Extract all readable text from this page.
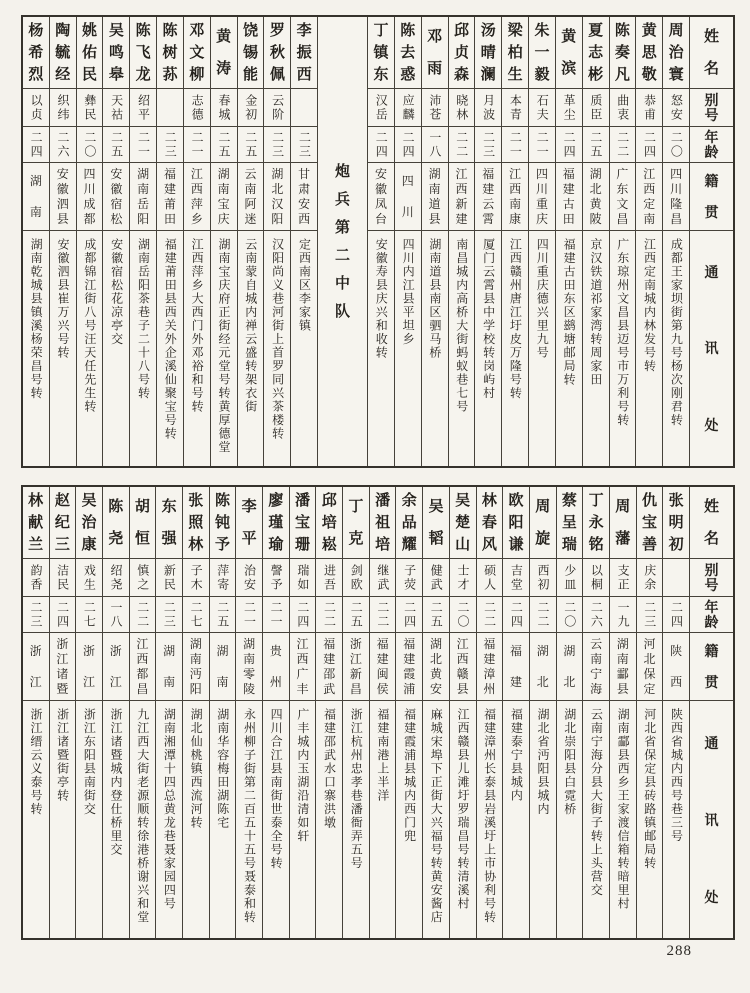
姓
名
别
号
年
龄
籍
贯
通
讯
处
周
治
寰
怒安
二〇
四
川
隆
昌
成都王家坝街第九号杨次刚君转
黄
思
敬
恭甫
二四
江
西
定
南
江西定南城内林发号转
陈
奏
凡
曲衷
二二
广
东
文
昌
广东琼州文昌县迈号市万利号转
夏
志
彬
质臣
二五
湖
北
黄
陂
京汉铁道祁家湾转周家田
黄
滨
革尘
二四
福
建
古
田
福建古田东区鹚塘邮局转
朱
一
毅
石夫
二一
四
川
重
庆
四川重庆德兴里九号
梁
柏
生
本青
二一
江
西
南
康
江西赣州唐江圩皮万隆号转
汤
晴
澜
月波
二三
福
建
云
霄
厦门云霄县中学校转岗屿村
邱
贞
森
晓林
二二
江
西
新
建
南昌城内高桥大街蚂蚁巷七号
邓
雨
沛苍
一八
湖
南
道
县
湖南道县南区驷马桥
陈
去
惑
应麟
二四
四
川
四川内江县平坦乡
丁
镇
东
汉岳
二四
安
徽
凤
台
安徽寿县庆兴和收转
炮
兵
第
二
中
队
李
振
西
二三
甘
肃
安
西
定西南区李家镇
罗
秋
佩
云阶
二三
湖
北
汉
阳
汉阳尚义巷河街上首罗同兴茶楼转
饶
锡
能
金初
二五
云
南
阿
迷
云南蒙自城内禅云盛转架衣街
黄
涛
春城
二五
湖
南
宝
庆
湖南宝庆府正街经元堂号转黄厚德堂
邓
文
柳
志德
二一
江
西
萍
乡
江西萍乡大西门外邓裕和号转
陈
树
荪
二三
福
建
莆
田
福建莆田县西关外企溪仙聚宝号转
陈
飞
龙
绍平
二一
湖
南
岳
阳
湖南岳阳茶巷子二十八号转
吴
鸣
皋
天祜
二五
安
徽
宿
松
安徽宿松花凉亭交
姚
佑
民
彝民
二〇
四
川
成
都
成都锦江街八号汪天任先生转
陶
毓
经
织纬
二六
安
徽
泗
县
安徽泗县崔万兴号转
杨
希
烈
以贞
二四
湖
南
湖南乾城县镇溪杨荣昌号转
姓
名
别
号
年
龄
籍
贯
通
讯
处
张
明
初
二四
陕
西
陕西省城内西号巷三号
仇
宝
善
庆余
二三
河
北
保
定
河北省保定县砖路镇邮局转
周
藩
支正
一九
湖
南
酃
县
湖南酃县西乡王家渡信箱转暗里村
丁
永
铭
以桐
二六
云
南
宁
海
云南宁海分县大街子转上头营交
蔡
呈
瑞
少皿
二〇
湖
北
湖北崇阳县白霓桥
周
旋
西初
二二
湖
北
湖北省沔阳县城内
欧
阳
谦
吉堂
二四
福
建
福建泰宁县城内
林
春
风
硕人
二二
福
建
漳
州
福建漳州长泰县岩溪圩上市协利号转
吴
楚
山
士才
二〇
江
西
赣
县
江西赣县儿滩圩罗瑞昌号转清溪村
吴
韬
健武
二五
湖
北
黄
安
麻城宋埠下正街大兴福号转黄安酱店
余
品
耀
子荧
二四
福
建
霞
浦
福建霞浦县城内西门兜
潘
祖
培
继武
二二
福
建
闽
侯
福建南港上半洋
丁
克
剑欧
二五
浙
江
新
昌
浙江杭州忠孝巷潘衙弄五号
邱
培
崧
进吾
二二
福
建
邵
武
福建邵武水口寨洪墩
潘
宝
珊
瑞如
二四
江
西
广
丰
广丰城内玉湖沿清如轩
廖
瑾
瑜
謦予
二一
贵
州
四川合江县南街世泰全号转
李
平
治安
二一
湖
南
零
陵
永州柳子街第二百五十五号聂泰和转
陈
钝
予
萍寄
二五
湖
南
湖南华容梅田湖陈宅
张
照
林
子木
二七
湖
南
沔
阳
湖北仙桃镇西流河转
东
强
新民
二三
湖
南
湖南湘潭十四总黄龙巷聂家园四号
胡
恒
慎之
二二
江
西
都
昌
九江西大街老源顺转徐港桥谢兴和堂
陈
尧
绍尧
一八
浙
江
浙江诸暨城内登仕桥里交
吴
治
康
戏生
二七
浙
江
浙江东阳县南街交
赵
纪
三
洁民
二四
浙
江
诸
暨
浙江诸暨街亭转
林
献
兰
韵香
二三
浙
江
浙江缙云义泰号转
288
